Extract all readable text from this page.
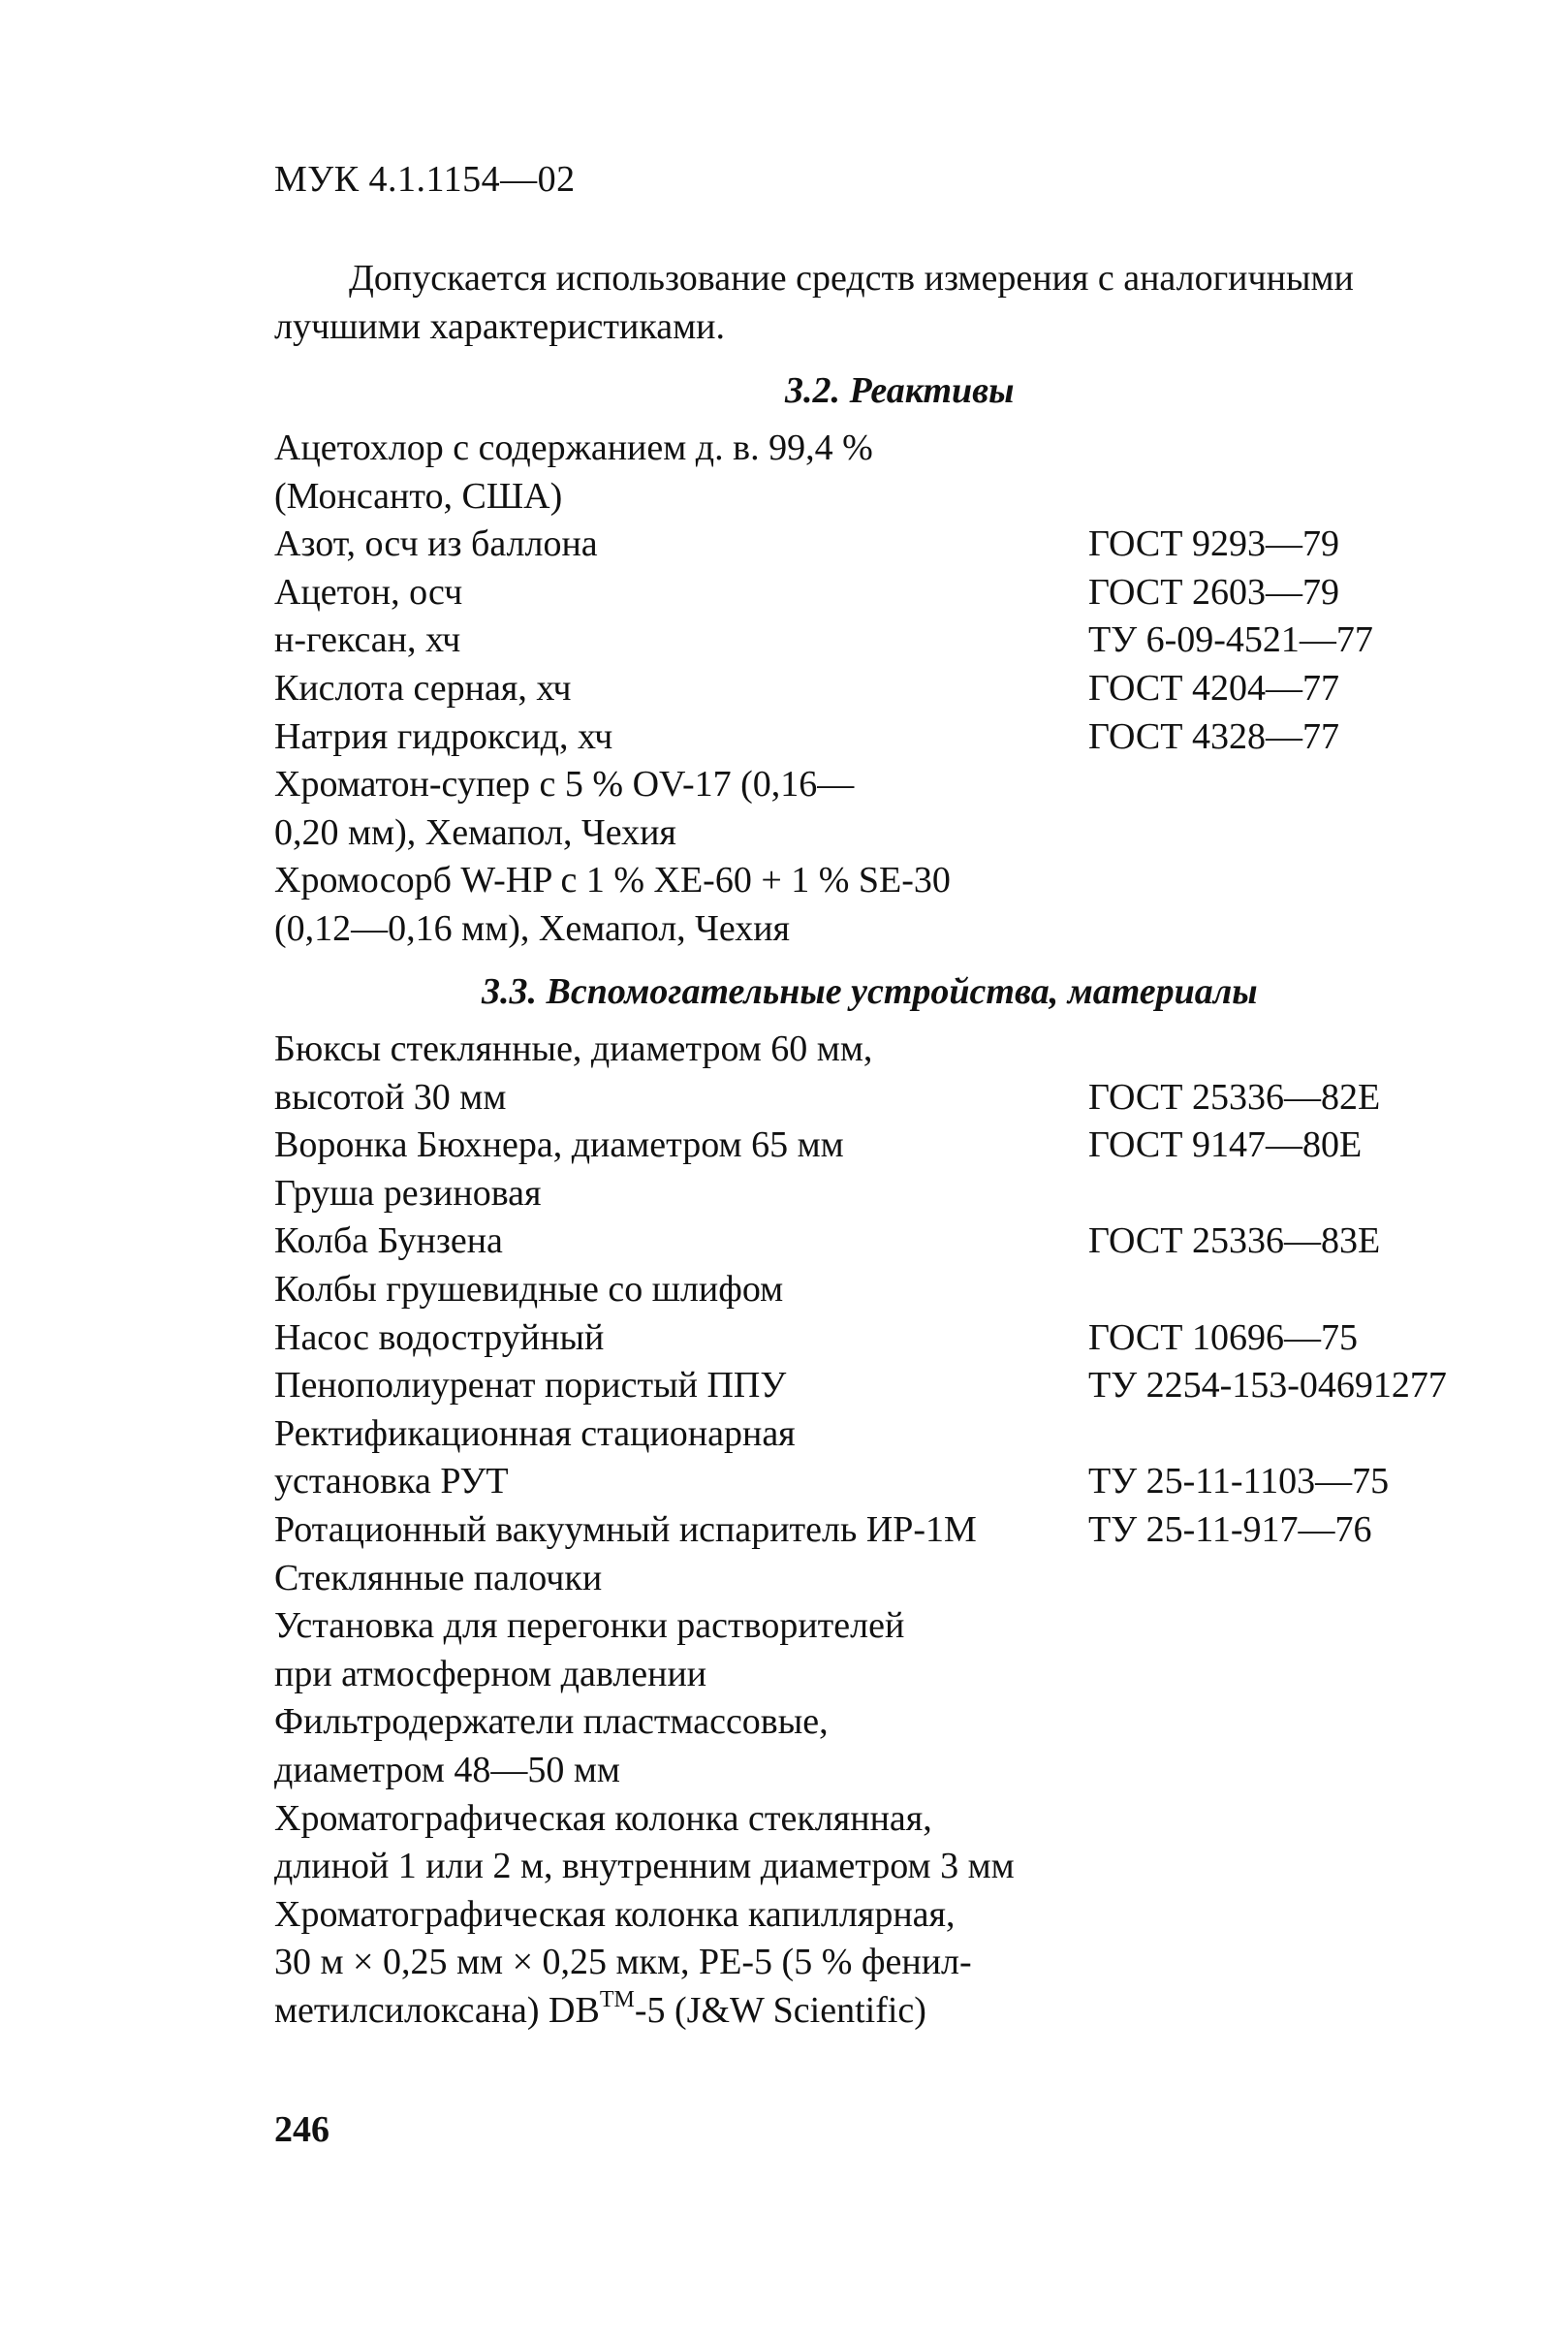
МУК 4.1.1154—02
Допускается использование средств измерения с аналогичными
лучшими характеристиками.
3.2. Реактивы
Ацетохлор с содержанием д. в. 99,4 %
(Монсанто, США)
Азот, осч из баллона	ГОСТ 9293—79
Ацетон, осч	ГОСТ 2603—79
н-гексан, хч	ТУ 6-09-4521—77
Кислота серная, хч	ГОСТ 4204—77
Натрия гидроксид, хч	ГОСТ 4328—77
Хроматон-супер с 5 % OV-17 (0,16—
0,20 мм), Хемапол, Чехия
Хромосорб W-HP с 1 % ХЕ-60 + 1 % SE-30
(0,12—0,16 мм), Хемапол, Чехия
3.3. Вспомогательные устройства, материалы
Бюксы стеклянные, диаметром 60 мм,
высотой 30 мм	ГОСТ 25336—82Е
Воронка Бюхнера, диаметром 65 мм	ГОСТ 9147—80Е
Груша резиновая
Колба Бунзена	ГОСТ 25336—83Е
Колбы грушевидные со шлифом
Насос водоструйный	ГОСТ 10696—75
Пенополиуренат пористый ППУ	ТУ 2254-153-04691277
Ректификационная стационарная
установка РУТ	ТУ 25-11-1103—75
Ротационный вакуумный испаритель ИР-1М	ТУ 25-11-917—76
Стеклянные палочки
Установка для перегонки растворителей
при атмосферном давлении
Фильтродержатели пластмассовые,
диаметром 48—50 мм
Хроматографическая колонка стеклянная,
длиной 1 или 2 м, внутренним диаметром 3 мм
Хроматографическая колонка капиллярная,
30 м × 0,25 мм × 0,25 мкм, РЕ-5 (5 % фенил-
метилсилоксана) DB™-5 (J&W Scientific)
246
